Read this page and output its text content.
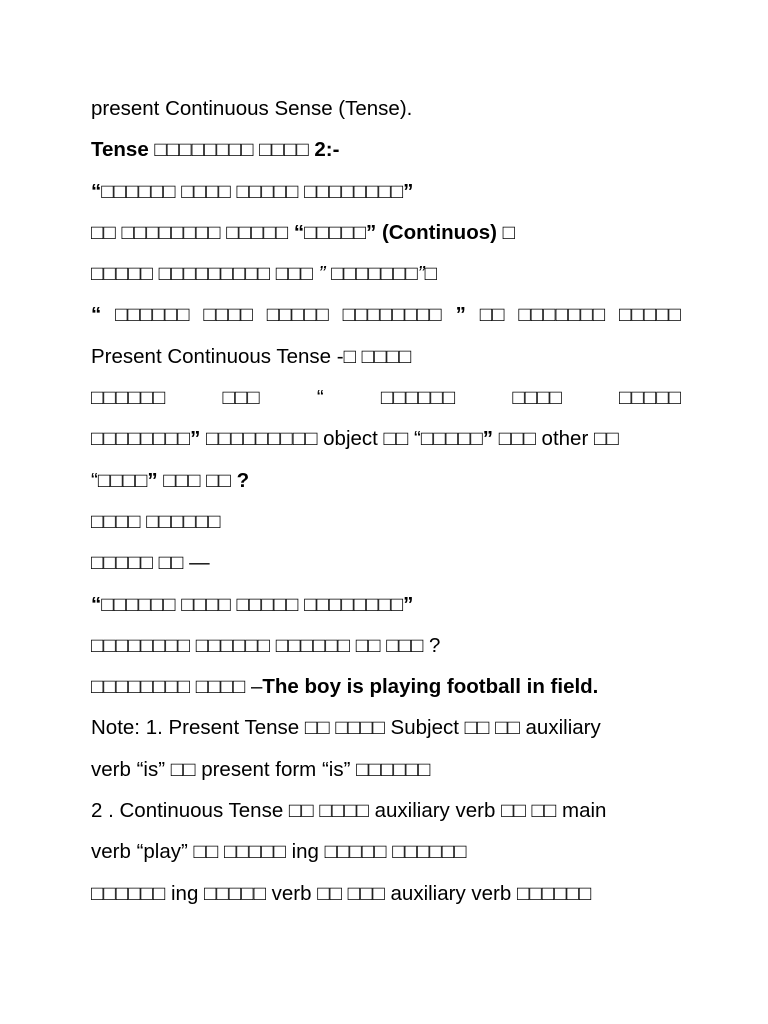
present Continuous Sense (Tense).
Tense □□□□□□□□ □□□□ 2:-
“□□□□□□ □□□□ □□□□□ □□□□□□□□”
□□ □□□□□□□□ □□□□□ “□□□□□” (Continuos) □
□□□□□ □□□□□□□□□ □□□ ” □□□□□□□”□
“ □□□□□□ □□□□ □□□□□ □□□□□□□□ ” □□ □□□□□□□ □□□□□
Present Continuous Tense -□ □□□□
□□□□□□	□□□	“	□□□□□□	□□□□	□□□□□
□□□□□□□□” □□□□□□□□□ object □□ “□□□□□” □□□ other □□
“□□□□” □□□ □□ ?
□□□□ □□□□□□
□□□□□ □□ —
“□□□□□□ □□□□ □□□□□ □□□□□□□□”
□□□□□□□□ □□□□□□ □□□□□□ □□ □□□ ?
□□□□□□□□ □□□□ –The boy is playing football in field.
Note: 1. Present Tense □□ □□□□ Subject □□ □□ auxiliary
verb “is” □□ present form “is” □□□□□□
2 . Continuous Tense □□ □□□□ auxiliary verb □□ □□ main
verb “play” □□ □□□□□ ing □□□□□ □□□□□□
□□□□□□ ing □□□□□ verb □□ □□□ auxiliary verb □□□□□□
